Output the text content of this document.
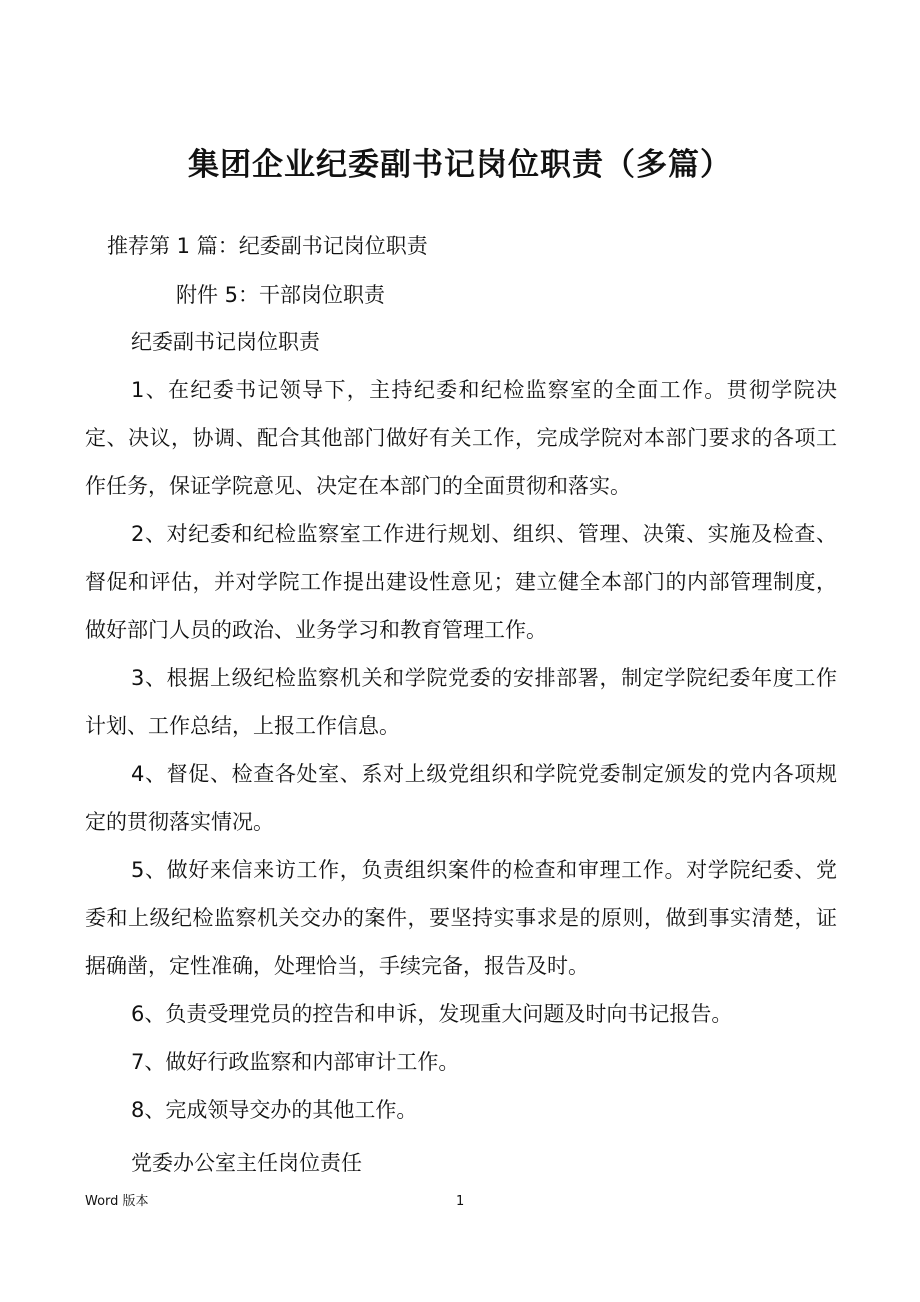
集团企业纪委副书记岗位职责（多篇）
推荐第 1 篇：纪委副书记岗位职责
附件 5：干部岗位职责
纪委副书记岗位职责
1、在纪委书记领导下，主持纪委和纪检监察室的全面工作。贯彻学院决定、决议，协调、配合其他部门做好有关工作，完成学院对本部门要求的各项工作任务，保证学院意见、决定在本部门的全面贯彻和落实。
2、对纪委和纪检监察室工作进行规划、组织、管理、决策、实施及检查、督促和评估，并对学院工作提出建设性意见；建立健全本部门的内部管理制度，做好部门人员的政治、业务学习和教育管理工作。
3、根据上级纪检监察机关和学院党委的安排部署，制定学院纪委年度工作计划、工作总结，上报工作信息。
4、督促、检查各处室、系对上级党组织和学院党委制定颁发的党内各项规定的贯彻落实情况。
5、做好来信来访工作，负责组织案件的检查和审理工作。对学院纪委、党委和上级纪检监察机关交办的案件，要坚持实事求是的原则，做到事实清楚，证据确凿，定性准确，处理恰当，手续完备，报告及时。
6、负责受理党员的控告和申诉，发现重大问题及时向书记报告。
7、做好行政监察和内部审计工作。
8、完成领导交办的其他工作。
党委办公室主任岗位责任
Word 版本	1
